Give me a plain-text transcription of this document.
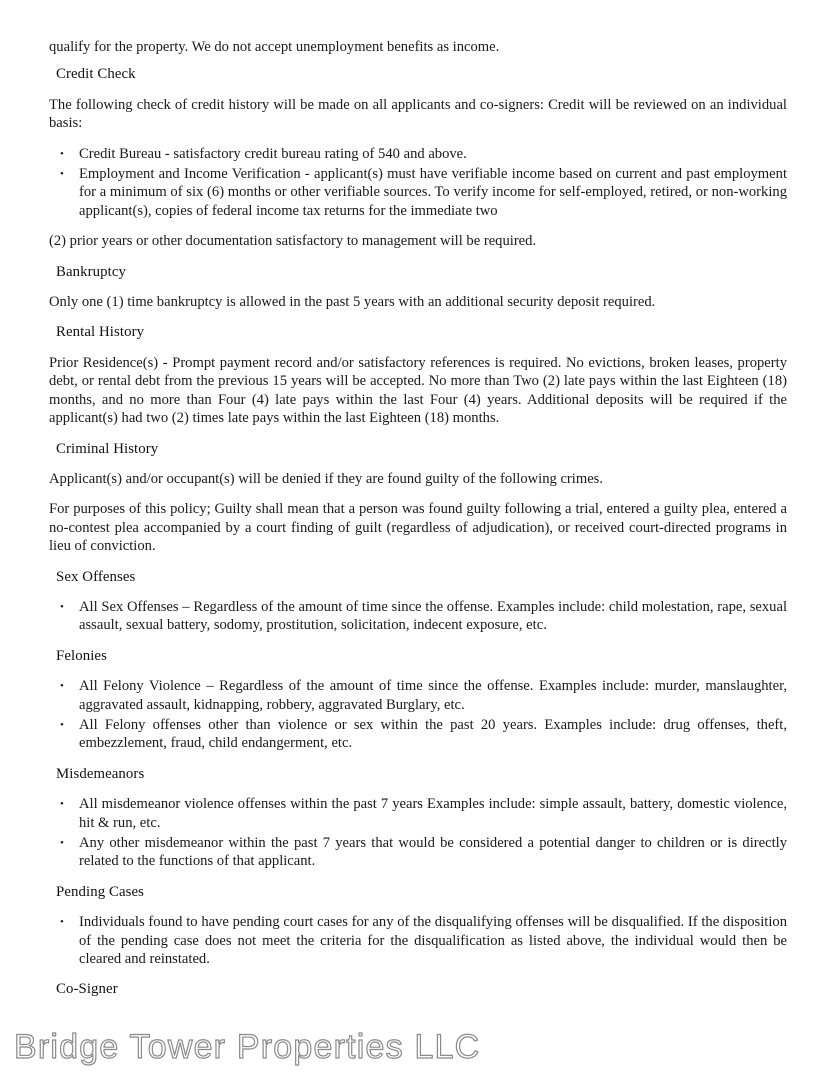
qualify for the property. We do not accept unemployment benefits as income.

Credit Check

The following check of credit history will be made on all applicants and co-signers: Credit will be reviewed on an individual basis:

• Credit Bureau - satisfactory credit bureau rating of 540 and above.
• Employment and Income Verification - applicant(s) must have verifiable income based on current and past employment for a minimum of six (6) months or other verifiable sources. To verify income for self-employed, retired, or non-working applicant(s), copies of federal income tax returns for the immediate two

(2) prior years or other documentation satisfactory to management will be required.

Bankruptcy

Only one (1) time bankruptcy is allowed in the past 5 years with an additional security deposit required.

Rental History

Prior Residence(s) - Prompt payment record and/or satisfactory references is required. No evictions, broken leases, property debt, or rental debt from the previous 15 years will be accepted. No more than Two (2) late pays within the last Eighteen (18) months, and no more than Four (4) late pays within the last Four (4) years. Additional deposits will be required if the applicant(s) had two (2) times late pays within the last Eighteen (18) months.

Criminal History

Applicant(s) and/or occupant(s) will be denied if they are found guilty of the following crimes.

For purposes of this policy; Guilty shall mean that a person was found guilty following a trial, entered a guilty plea, entered a no-contest plea accompanied by a court finding of guilt (regardless of adjudication), or received court-directed programs in lieu of conviction.

Sex Offenses
• All Sex Offenses – Regardless of the amount of time since the offense. Examples include: child molestation, rape, sexual assault, sexual battery, sodomy, prostitution, solicitation, indecent exposure, etc.
Felonies
• All Felony Violence – Regardless of the amount of time since the offense. Examples include: murder, manslaughter, aggravated assault, kidnapping, robbery, aggravated Burglary, etc.
• All Felony offenses other than violence or sex within the past 20 years. Examples include: drug offenses, theft, embezzlement, fraud, child endangerment, etc.
Misdemeanors
• All misdemeanor violence offenses within the past 7 years Examples include: simple assault, battery, domestic violence, hit & run, etc.
• Any other misdemeanor within the past 7 years that would be considered a potential danger to children or is directly related to the functions of that applicant.
Pending Cases
• Individuals found to have pending court cases for any of the disqualifying offenses will be disqualified. If the disposition of the pending case does not meet the criteria for the disqualification as listed above, the individual would then be cleared and reinstated.
Co-Signer
Bridge Tower Properties LLC
